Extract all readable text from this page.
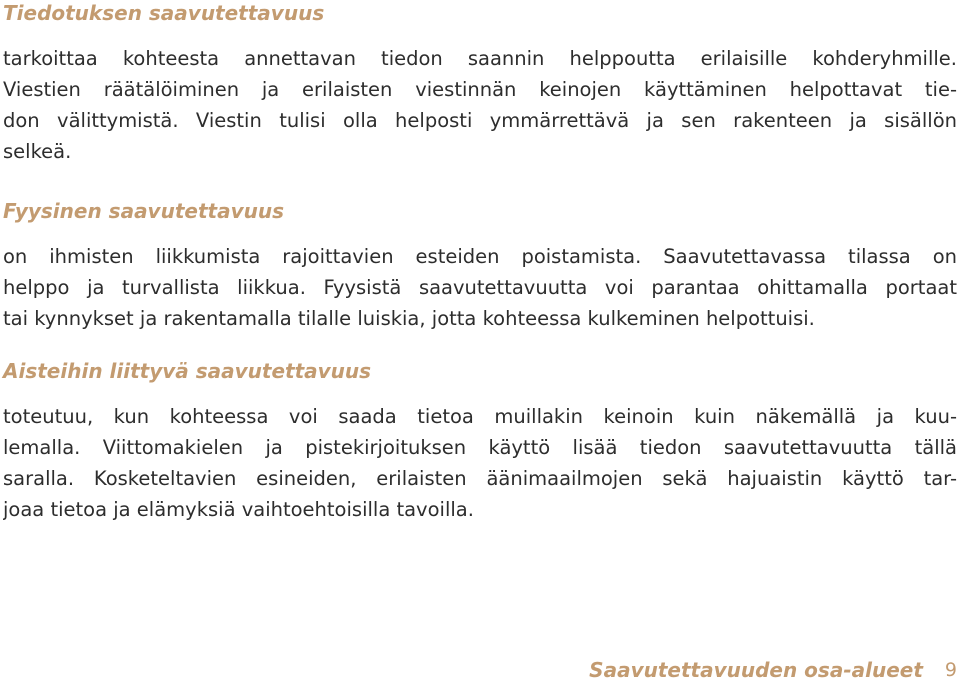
Tiedotuksen saavutettavuus

tarkoittaa kohteesta annettavan tiedon saannin helppoutta erilaisille kohderyhmille.
Viestien räätälöiminen ja erilaisten viestinnän keinojen käyttäminen helpottavat tie-
don välittymistä. Viestin tulisi olla helposti ymmärrettävä ja sen rakenteen ja sisällön
selkeä.

Fyysinen saavutettavuus

on ihmisten liikkumista rajoittavien esteiden poistamista. Saavutettavassa tilassa on
helppo ja turvallista liikkua. Fyysistä saavutettavuutta voi parantaa ohittamalla portaat
tai kynnykset ja rakentamalla tilalle luiskia, jotta kohteessa kulkeminen helpottuisi.

Aisteihin liittyvä saavutettavuus

toteutuu, kun kohteessa voi saada tietoa muillakin keinoin kuin näkemällä ja kuu-
lemalla. Viittomakielen ja pistekirjoituksen käyttö lisää tiedon saavutettavuutta tällä
saralla. Kosketeltavien esineiden, erilaisten äänimaailmojen sekä hajuaistin käyttö tar-
joaa tietoa ja elämyksiä vaihtoehtoisilla tavoilla.

Saavutettavuuden osa-alueet 9
